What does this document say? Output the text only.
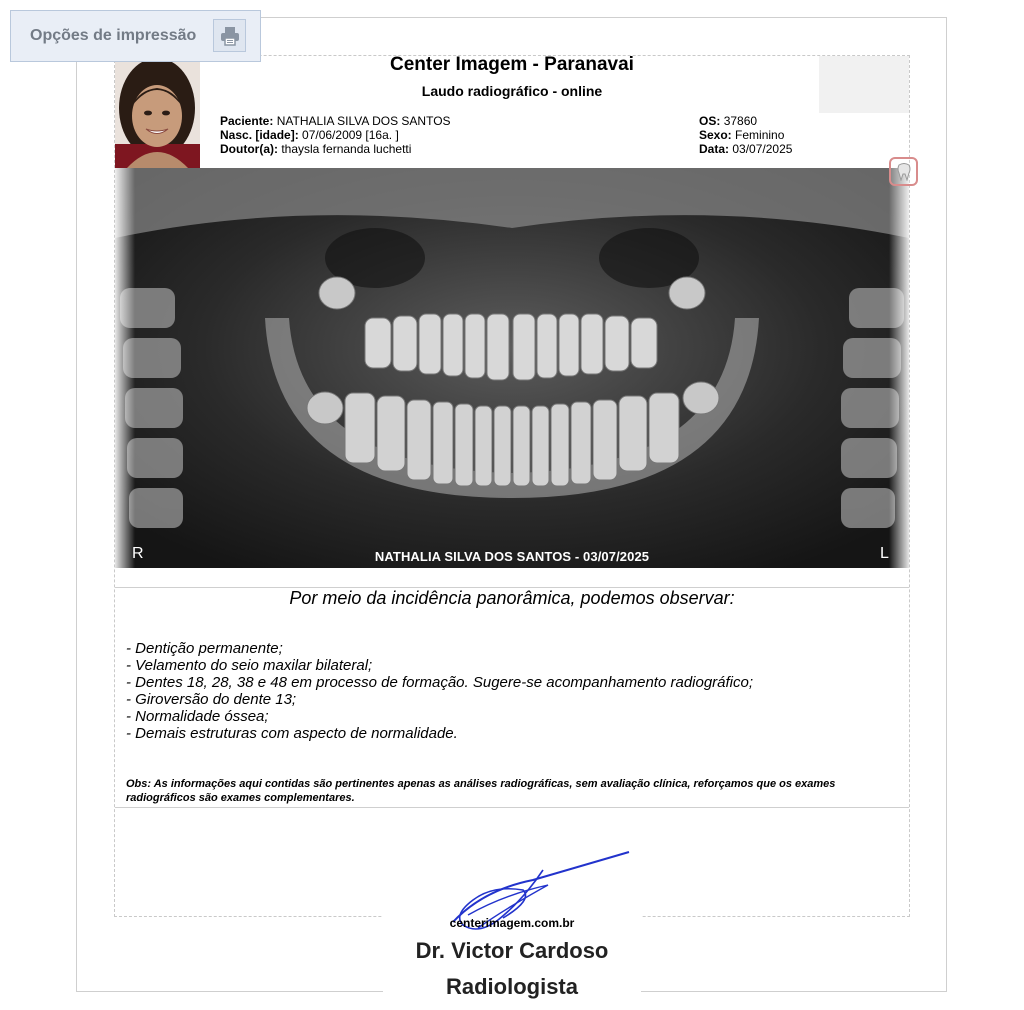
Opções de impressão
Center Imagem - Paranavai
Laudo radiográfico - online
Paciente: NATHALIA SILVA DOS SANTOS
Nasc. [idade]: 07/06/2009 [16a. ]
Doutor(a): thaysla fernanda luchetti
OS: 37860
Sexo: Feminino
Data: 03/07/2025
R	L
NATHALIA SILVA DOS SANTOS - 03/07/2025
Por meio da incidência panorâmica, podemos observar:
- Dentição permanente;
- Velamento do seio maxilar bilateral;
- Dentes 18, 28, 38 e 48 em processo de formação. Sugere-se acompanhamento radiográfico;
- Giroversão do dente 13;
- Normalidade óssea;
- Demais estruturas com aspecto de normalidade.
Obs: As informações aqui contidas são pertinentes apenas as análises radiográficas, sem avaliação clínica, reforçamos que os exames radiográficos são exames complementares.
centerimagem.com.br
Dr. Victor Cardoso
Radiologista
